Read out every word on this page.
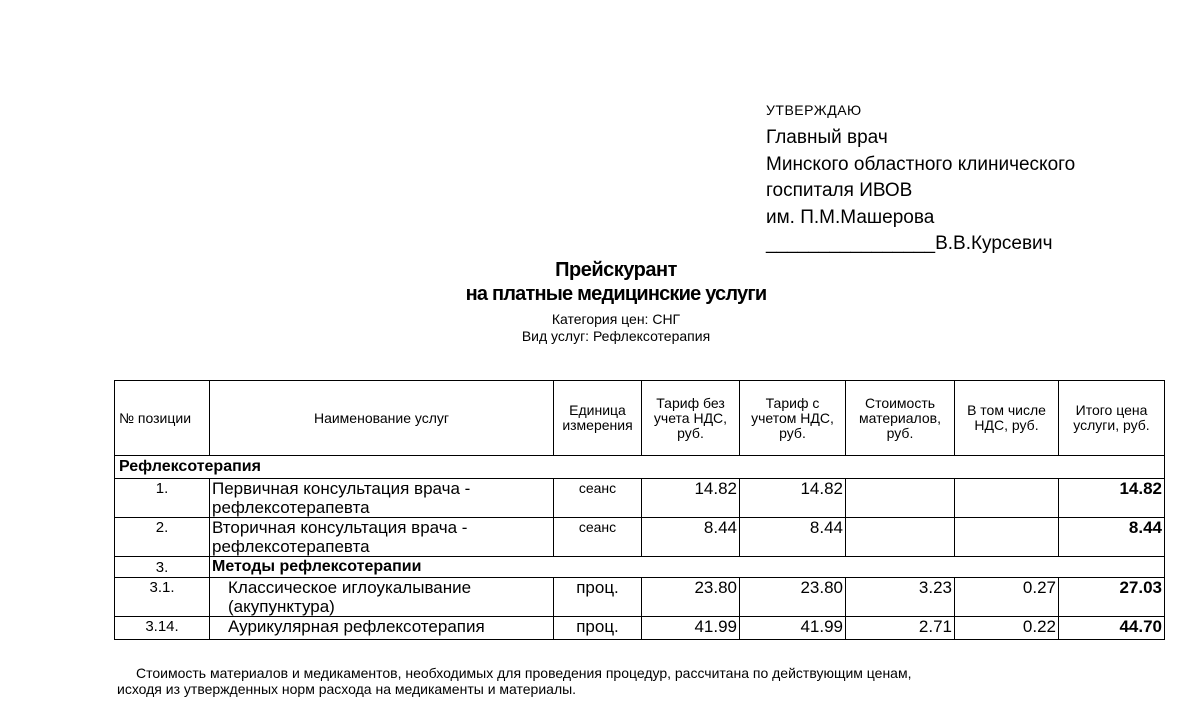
УТВЕРЖДАЮ
Главный врач
Минского областного клинического
госпиталя ИВОВ
им. П.М.Машерова
________________В.В.Курсевич
Прейскурант
на платные медицинские услуги
Категория цен: СНГ
Вид услуг: Рефлексотерапия
№ позиции	Наименование услуг	Единица измерения	Тариф без учета НДС, руб.	Тариф с учетом НДС, руб.	Стоимость материалов, руб.	В том числе НДС, руб.	Итого цена услуги, руб.
Рефлексотерапия							
1.	Первичная консультация врача - рефлексотерапевта	сеанс	14.82	14.82			14.82
2.	Вторичная консультация врача - рефлексотерапевта	сеанс	8.44	8.44			8.44
3.	Методы рефлексотерапии						
3.1.	Классическое иглоукалывание (акупунктура)	проц.	23.80	23.80	3.23	0.27	27.03
3.14.	Аурикулярная рефлексотерапия	проц.	41.99	41.99	2.71	0.22	44.70
Стоимость материалов и медикаментов, необходимых для проведения процедур, рассчитана по действующим ценам,
исходя из утвержденных норм расхода на медикаменты и материалы.
